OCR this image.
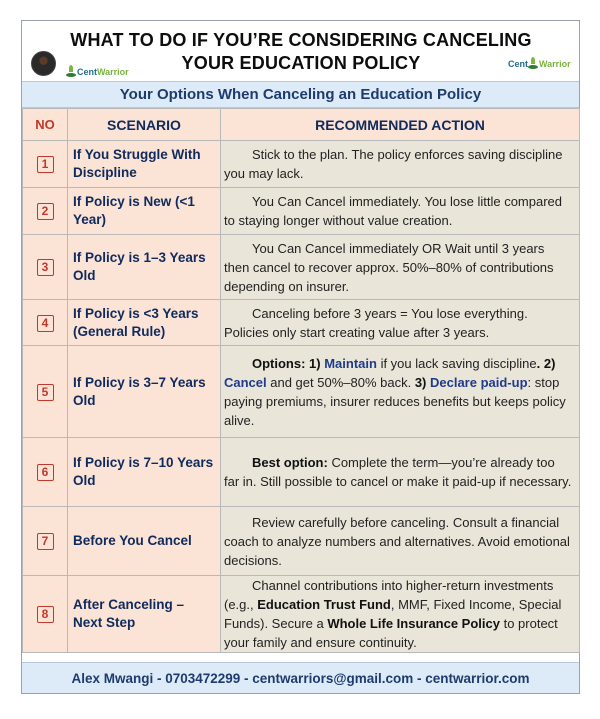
Cent Warrior
WHAT TO DO IF YOU’RE CONSIDERING CANCELING YOUR EDUCATION POLICY	Cent Warrior
Your Options When Canceling an Education Policy
NO	SCENARIO	RECOMMENDED ACTION
1	If You Struggle With Discipline	Stick to the plan. The policy enforces saving discipline you may lack.
2	If Policy is New (<1 Year)	You Can Cancel immediately. You lose little compared to staying longer without value creation.
3	If Policy is 1–3 Years Old	You Can Cancel immediately OR Wait until 3 years then cancel to recover approx. 50%–80% of contributions depending on insurer.
4	If Policy is <3 Years (General Rule)	Canceling before 3 years = You lose everything. Policies only start creating value after 3 years.
5	If Policy is 3–7 Years Old	Options: 1) Maintain if you lack saving discipline. 2) Cancel and get 50%–80% back. 3) Declare paid-up: stop paying premiums, insurer reduces benefits but keeps policy alive.
6	If Policy is 7–10 Years Old	Best option: Complete the term—you’re already too far in. Still possible to cancel or make it paid-up if necessary.
7	Before You Cancel	Review carefully before canceling. Consult a financial coach to analyze numbers and alternatives. Avoid emotional decisions.
8	After Canceling – Next Step	Channel contributions into higher-return investments (e.g., Education Trust Fund, MMF, Fixed Income, Special Funds). Secure a Whole Life Insurance Policy to protect your family and ensure continuity.
Alex Mwangi - 0703472299 - centwarriors@gmail.com - centwarrior.com
